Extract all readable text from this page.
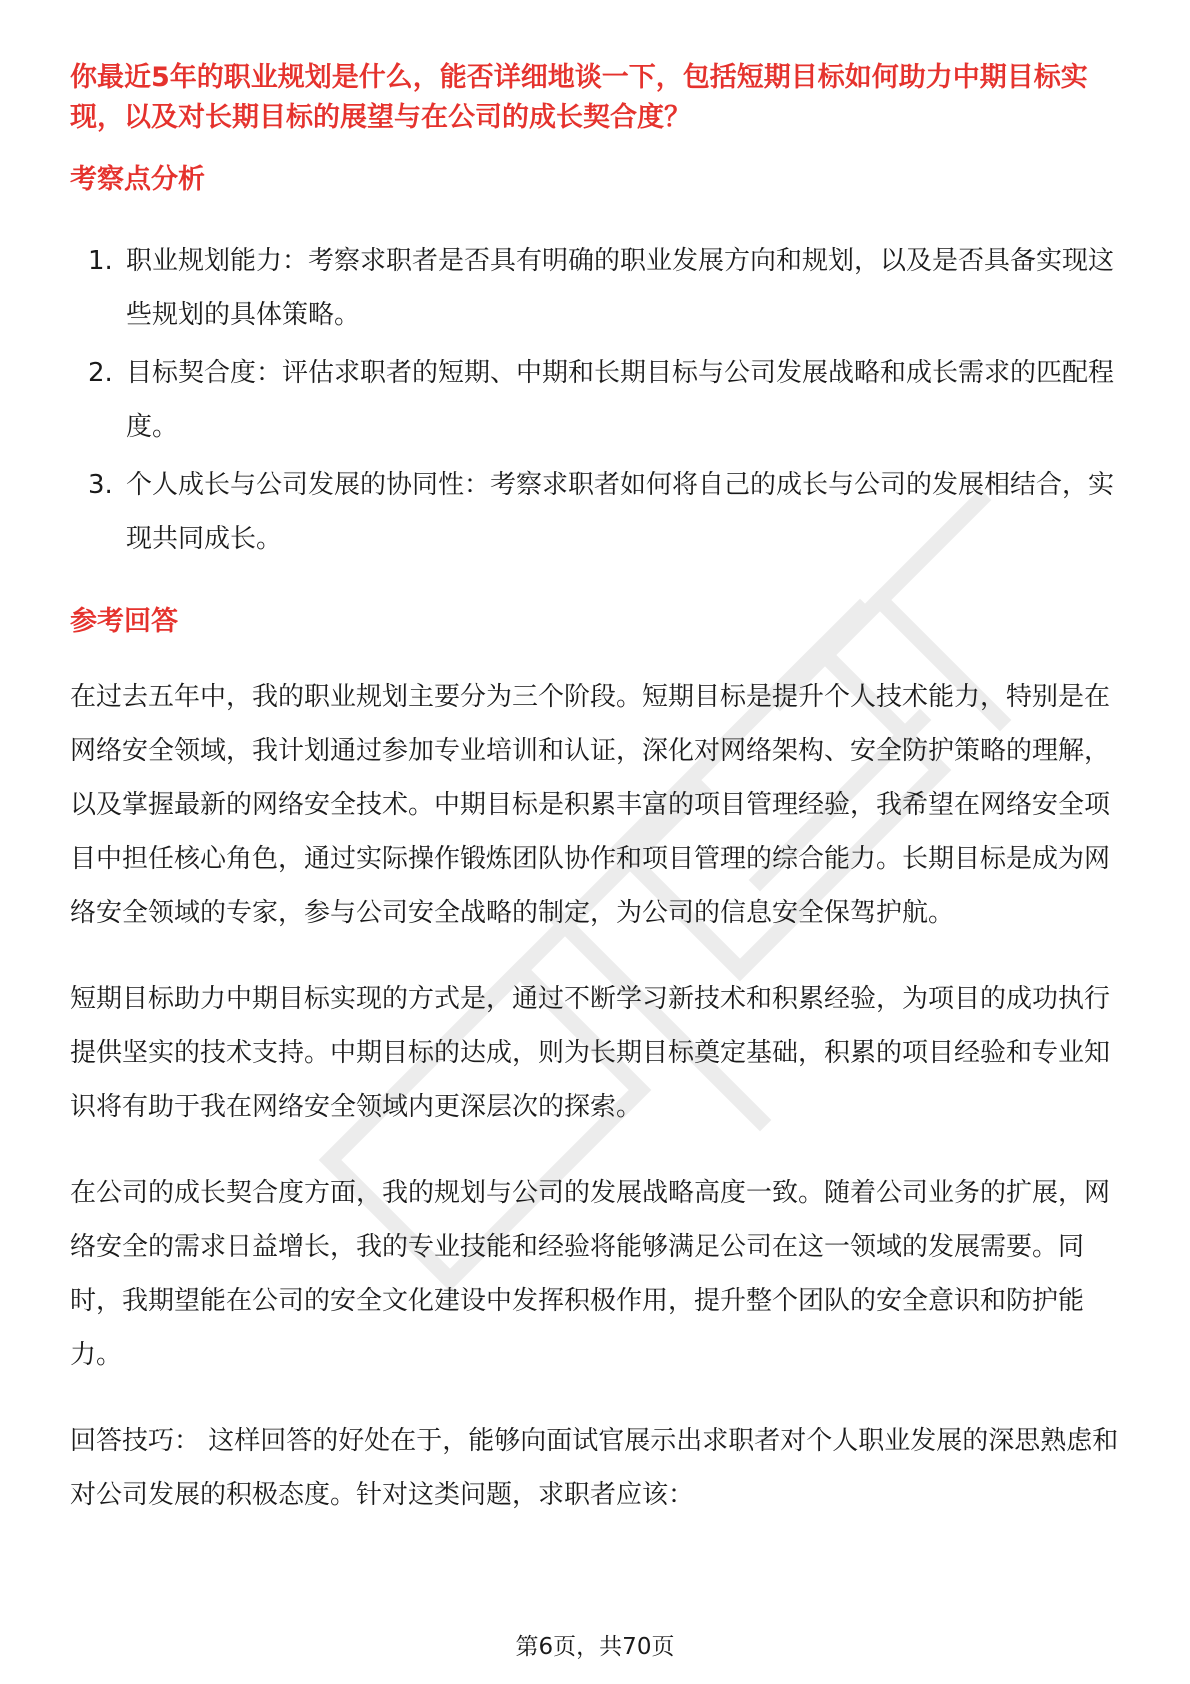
你最近5年的职业规划是什么，能否详细地谈一下，包括短期目标如何助力中期目标实现，以及对长期目标的展望与在公司的成长契合度？

考察点分析
1. 职业规划能力：考察求职者是否具有明确的职业发展方向和规划，以及是否具备实现这些规划的具体策略。
2. 目标契合度：评估求职者的短期、中期和长期目标与公司发展战略和成长需求的匹配程度。
3. 个人成长与公司发展的协同性：考察求职者如何将自己的成长与公司的发展相结合，实现共同成长。
参考回答

在过去五年中，我的职业规划主要分为三个阶段。短期目标是提升个人技术能力，特别是在网络安全领域，我计划通过参加专业培训和认证，深化对网络架构、安全防护策略的理解，以及掌握最新的网络安全技术。中期目标是积累丰富的项目管理经验，我希望在网络安全项目中担任核心角色，通过实际操作锻炼团队协作和项目管理的综合能力。长期目标是成为网络安全领域的专家，参与公司安全战略的制定，为公司的信息安全保驾护航。

短期目标助力中期目标实现的方式是，通过不断学习新技术和积累经验，为项目的成功执行提供坚实的技术支持。中期目标的达成，则为长期目标奠定基础，积累的项目经验和专业知识将有助于我在网络安全领域内更深层次的探索。

在公司的成长契合度方面，我的规划与公司的发展战略高度一致。随着公司业务的扩展，网络安全的需求日益增长，我的专业技能和经验将能够满足公司在这一领域的发展需要。同时，我期望能在公司的安全文化建设中发挥积极作用，提升整个团队的安全意识和防护能力。

回答技巧： 这样回答的好处在于，能够向面试官展示出求职者对个人职业发展的深思熟虑和对公司发展的积极态度。针对这类问题，求职者应该：

第6页，共70页
